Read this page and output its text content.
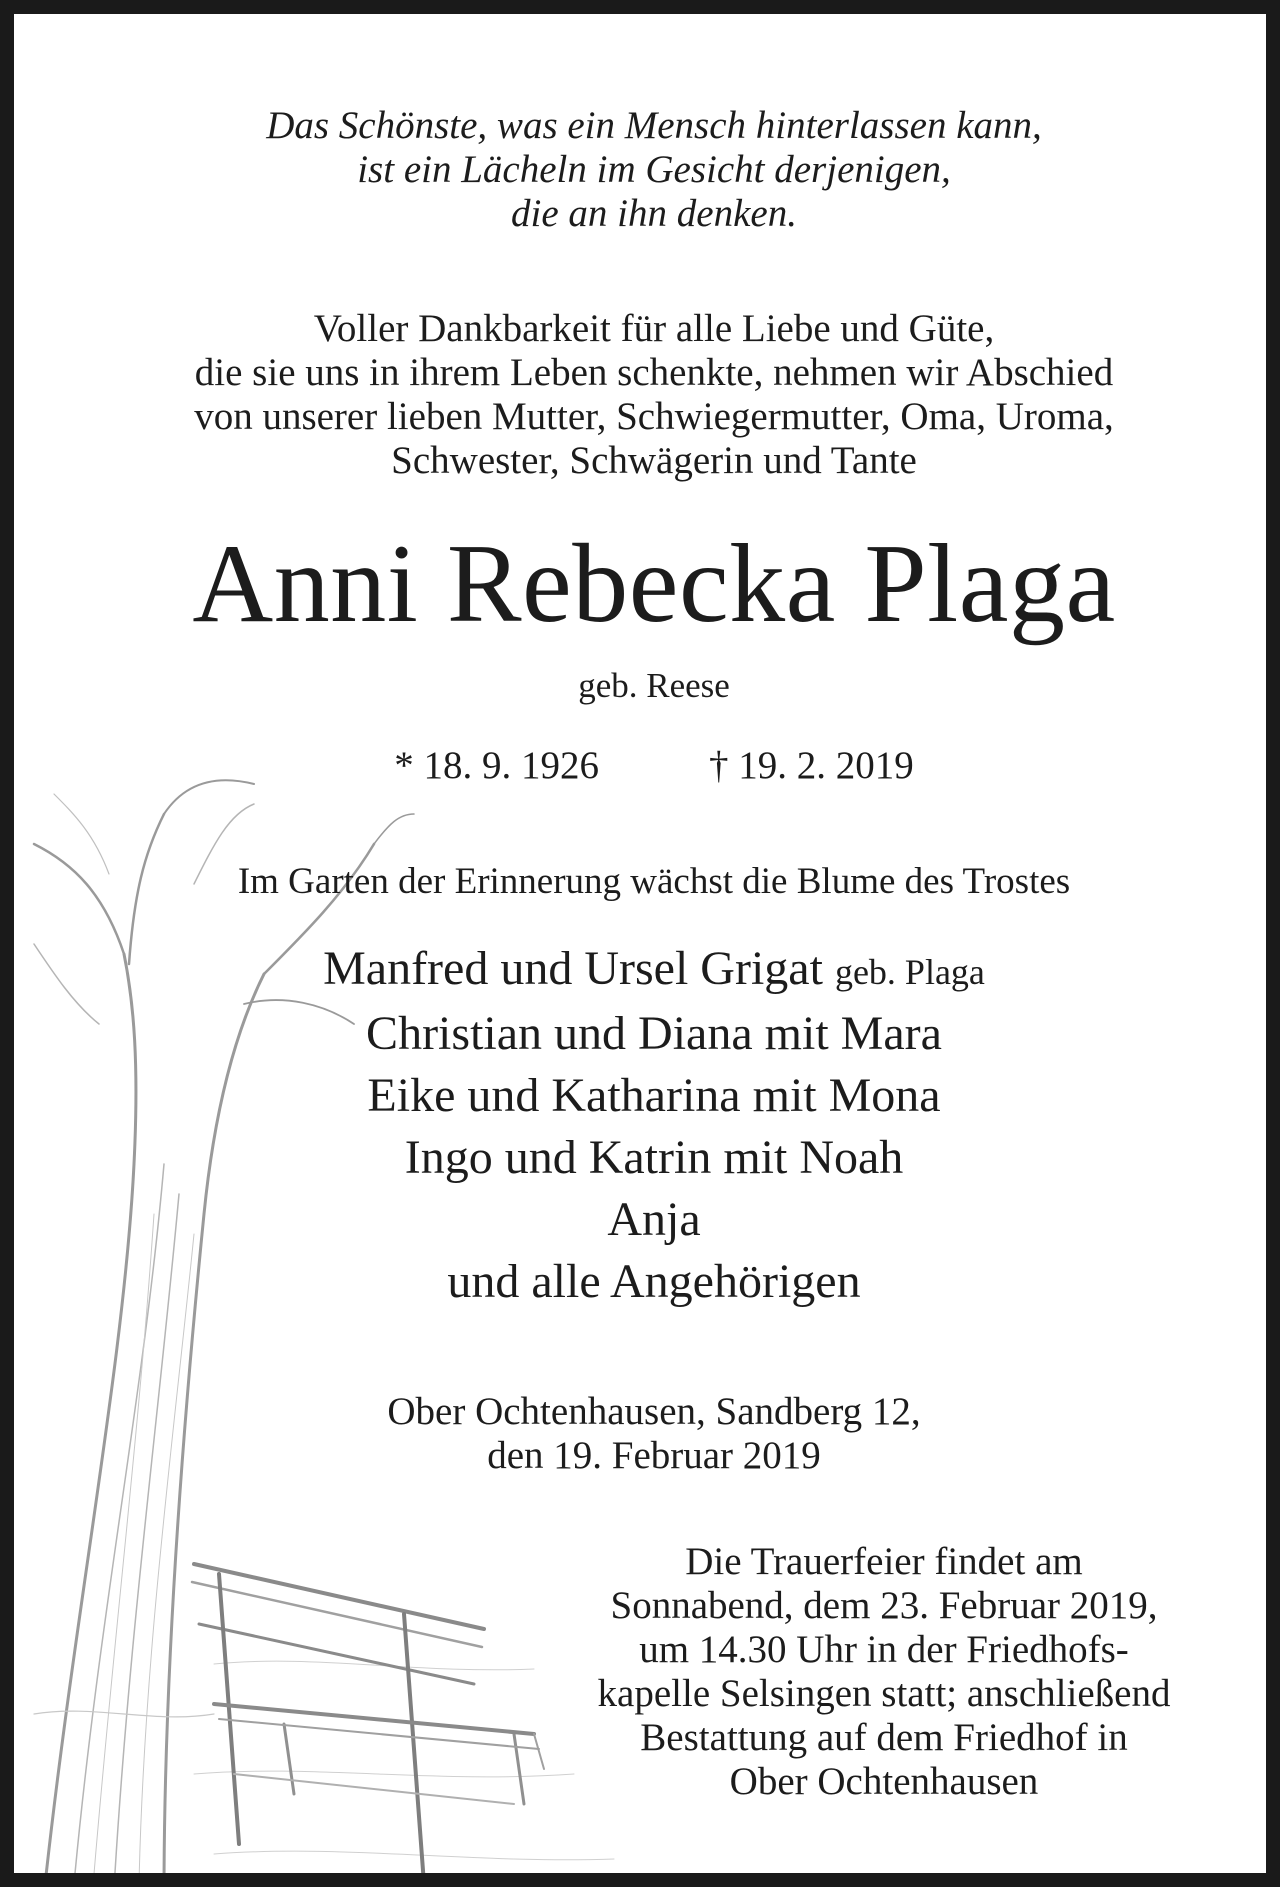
Das Schönste, was ein Mensch hinterlassen kann,
ist ein Lächeln im Gesicht derjenigen,
die an ihn denken.
Voller Dankbarkeit für alle Liebe und Güte,
die sie uns in ihrem Leben schenkte, nehmen wir Abschied
von unserer lieben Mutter, Schwiegermutter, Oma, Uroma,
Schwester, Schwägerin und Tante
Anni Rebecka Plaga
geb. Reese
* 18. 9. 1926	† 19. 2. 2019
Im Garten der Erinnerung wächst die Blume des Trostes
Manfred und Ursel Grigat geb. Plaga
Christian und Diana mit Mara
Eike und Katharina mit Mona
Ingo und Katrin mit Noah
Anja
und alle Angehörigen
Ober Ochtenhausen, Sandberg 12,
den 19. Februar 2019
Die Trauerfeier findet am
Sonnabend, dem 23. Februar 2019,
um 14.30 Uhr in der Friedhofs-
kapelle Selsingen statt; anschließend
Bestattung auf dem Friedhof in
Ober Ochtenhausen
